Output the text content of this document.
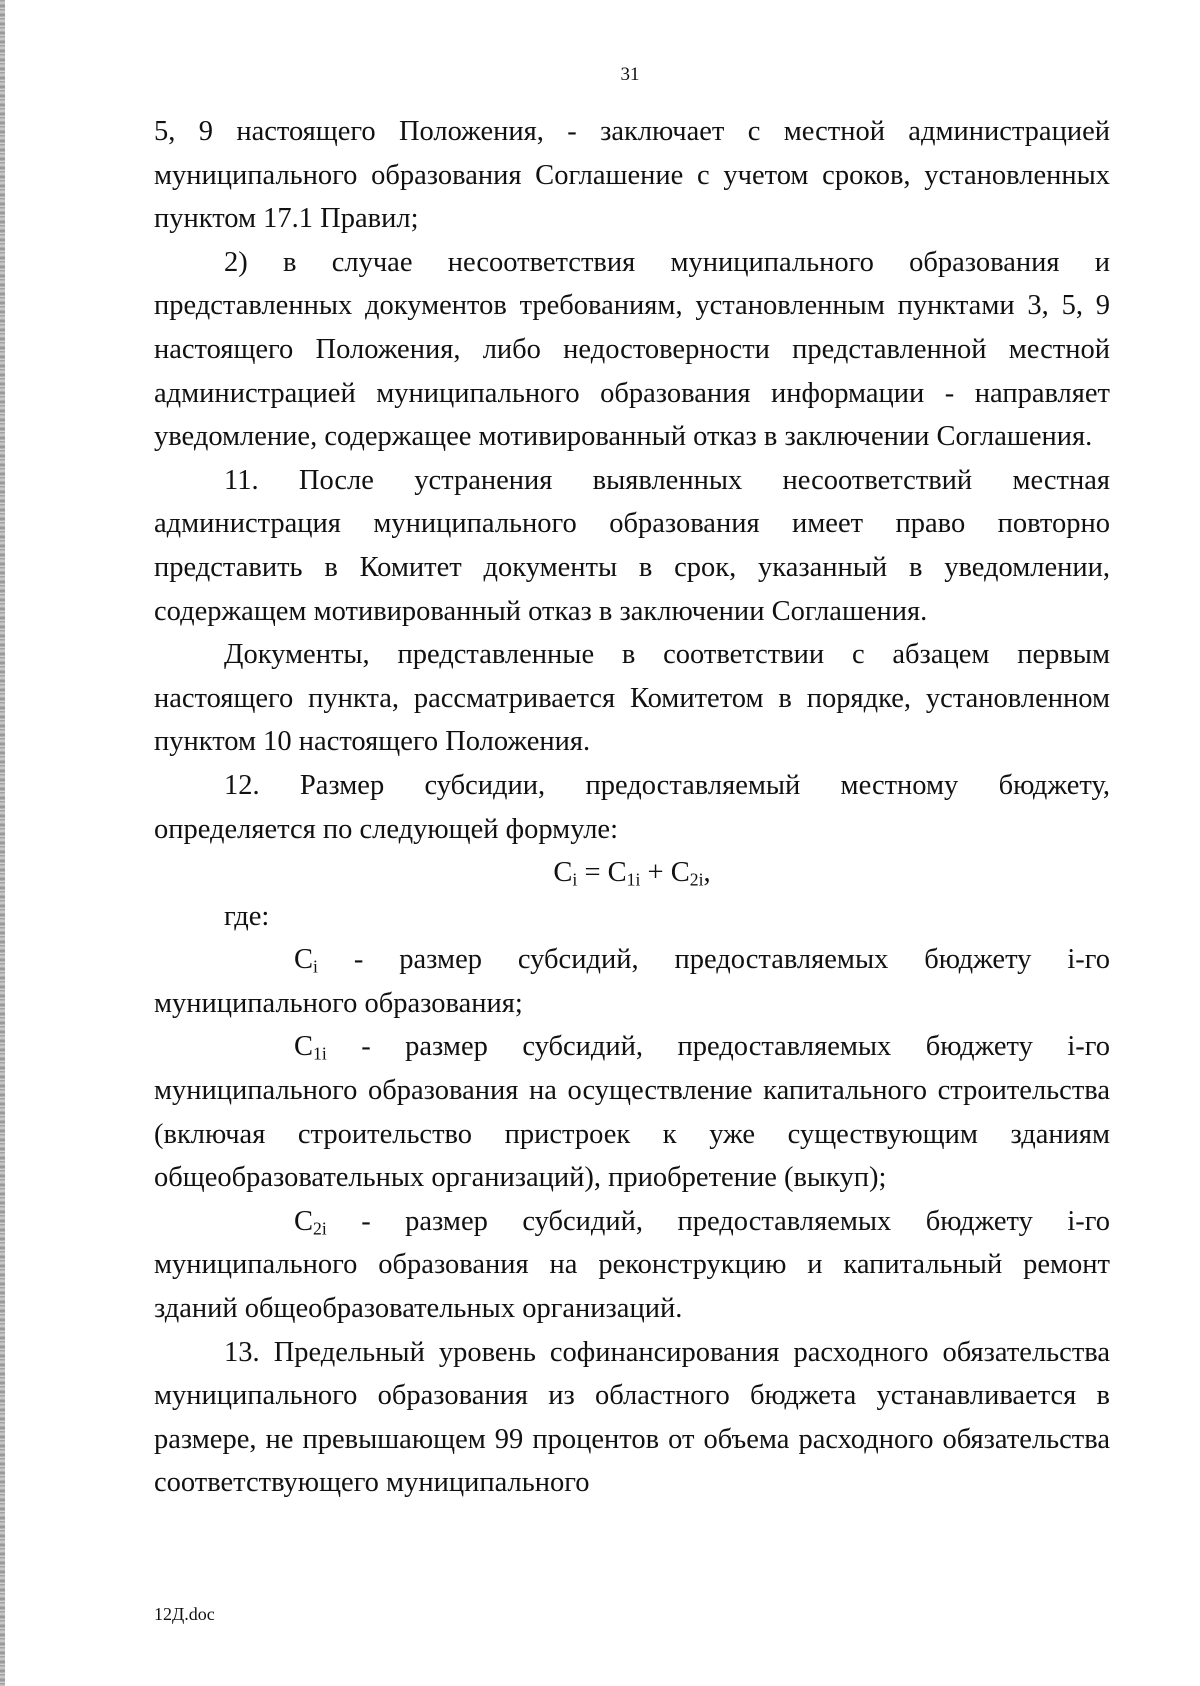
31

5, 9 настоящего Положения, - заключает с местной администрацией муниципального образования Соглашение с учетом сроков, установленных пунктом 17.1 Правил;

2) в случае несоответствия муниципального образования и представленных документов требованиям, установленным пунктами 3, 5, 9 настоящего Положения, либо недостоверности представленной местной администрацией муниципального образования информации - направляет уведомление, содержащее мотивированный отказ в заключении Соглашения.

11. После устранения выявленных несоответствий местная администрация муниципального образования имеет право повторно представить в Комитет документы в срок, указанный в уведомлении, содержащем мотивированный отказ в заключении Соглашения.

Документы, представленные в соответствии с абзацем первым настоящего пункта, рассматривается Комитетом в порядке, установленном пунктом 10 настоящего Положения.

12. Размер субсидии, предоставляемый местному бюджету, определяется по следующей формуле:

$C_i = C_{1i} + C_{2i}$,

где:

$C_i$ - размер субсидий, предоставляемых бюджету i-го муниципального образования;

$C_{1i}$ - размер субсидий, предоставляемых бюджету i-го муниципального образования на осуществление капитального строительства (включая строительство пристроек к уже существующим зданиям общеобразовательных организаций), приобретение (выкуп);

$C_{2i}$ - размер субсидий, предоставляемых бюджету i-го муниципального образования на реконструкцию и капитальный ремонт зданий общеобразовательных организаций.

13. Предельный уровень софинансирования расходного обязательства муниципального образования из областного бюджета устанавливается в размере, не превышающем 99 процентов от объема расходного обязательства соответствующего муниципального

12Д.doc
